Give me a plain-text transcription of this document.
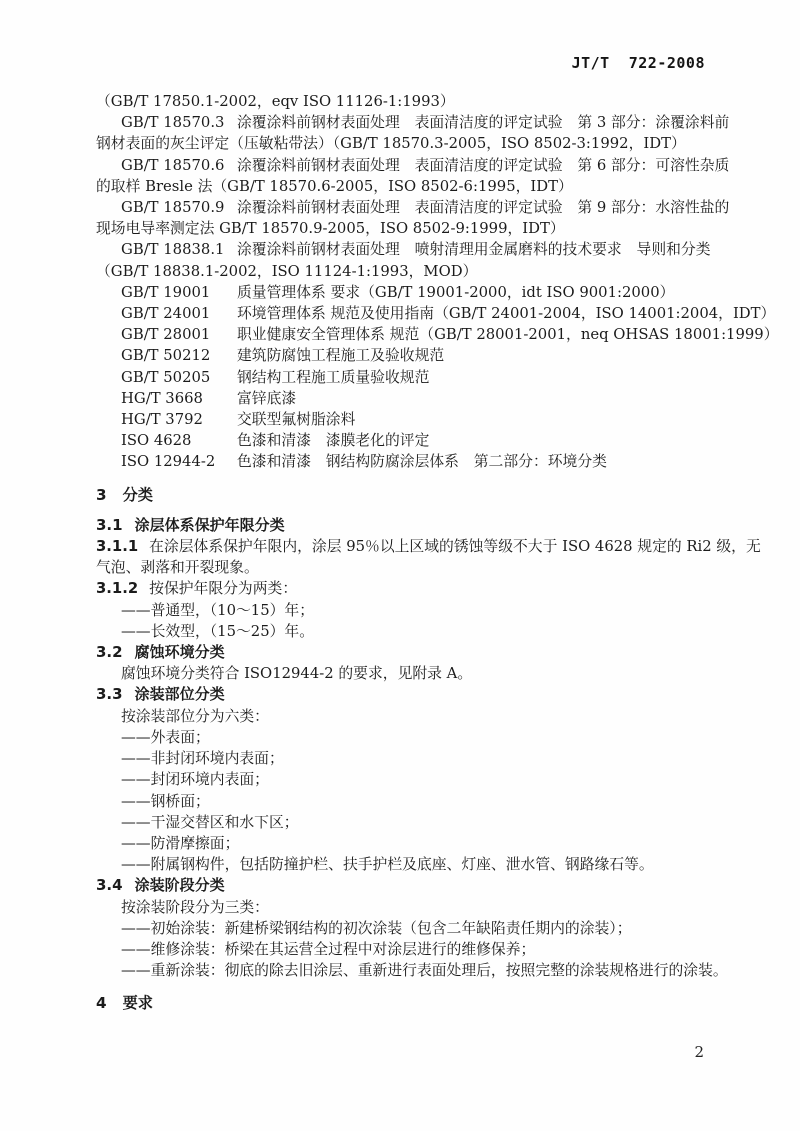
JT/T  722-2008
（GB/T 17850.1-2002，eqv ISO 11126-1:1993）
GB/T 18570.3 涂覆涂料前钢材表面处理　表面清洁度的评定试验　第 3 部分：涂覆涂料前
钢材表面的灰尘评定（压敏粘带法）（GB/T 18570.3-2005，ISO 8502-3:1992，IDT）
GB/T 18570.6 涂覆涂料前钢材表面处理　表面清洁度的评定试验　第 6 部分：可溶性杂质
的取样 Bresle 法（GB/T 18570.6-2005，ISO 8502-6:1995，IDT）
GB/T 18570.9 涂覆涂料前钢材表面处理　表面清洁度的评定试验　第 9 部分：水溶性盐的
现场电导率测定法 GB/T 18570.9-2005，ISO 8502-9:1999，IDT）
GB/T 18838.1 涂覆涂料前钢材表面处理　喷射清理用金属磨料的技术要求　导则和分类
（GB/T 18838.1-2002，ISO 11124-1:1993，MOD）
GB/T 19001	质量管理体系 要求（GB/T 19001-2000，idt ISO 9001:2000）
GB/T 24001	环境管理体系 规范及使用指南（GB/T 24001-2004，ISO 14001:2004，IDT）
GB/T 28001	职业健康安全管理体系 规范（GB/T 28001-2001，neq OHSAS 18001:1999）
GB/T 50212	建筑防腐蚀工程施工及验收规范
GB/T 50205	钢结构工程施工质量验收规范
HG/T 3668	富锌底漆
HG/T 3792	交联型氟树脂涂料
ISO 4628	色漆和清漆　漆膜老化的评定
ISO 12944-2	色漆和清漆　钢结构防腐涂层体系　第二部分：环境分类
3 分类
3.1 涂层体系保护年限分类
3.1.1 在涂层体系保护年限内，涂层 95％以上区域的锈蚀等级不大于 ISO 4628 规定的 Ri2 级，无
气泡、剥落和开裂现象。
3.1.2 按保护年限分为两类：
——普通型，（10～15）年；
——长效型，（15～25）年。
3.2 腐蚀环境分类
腐蚀环境分类符合 ISO12944-2 的要求，见附录 A。
3.3 涂装部位分类
按涂装部位分为六类：
——外表面；
——非封闭环境内表面；
——封闭环境内表面；
——钢桥面；
——干湿交替区和水下区；
——防滑摩擦面；
——附属钢构件，包括防撞护栏、扶手护栏及底座、灯座、泄水管、钢路缘石等。
3.4 涂装阶段分类
按涂装阶段分为三类：
——初始涂装：新建桥梁钢结构的初次涂装（包含二年缺陷责任期内的涂装）；
——维修涂装：桥梁在其运营全过程中对涂层进行的维修保养；
——重新涂装：彻底的除去旧涂层、重新进行表面处理后，按照完整的涂装规格进行的涂装。
4 要求
2
